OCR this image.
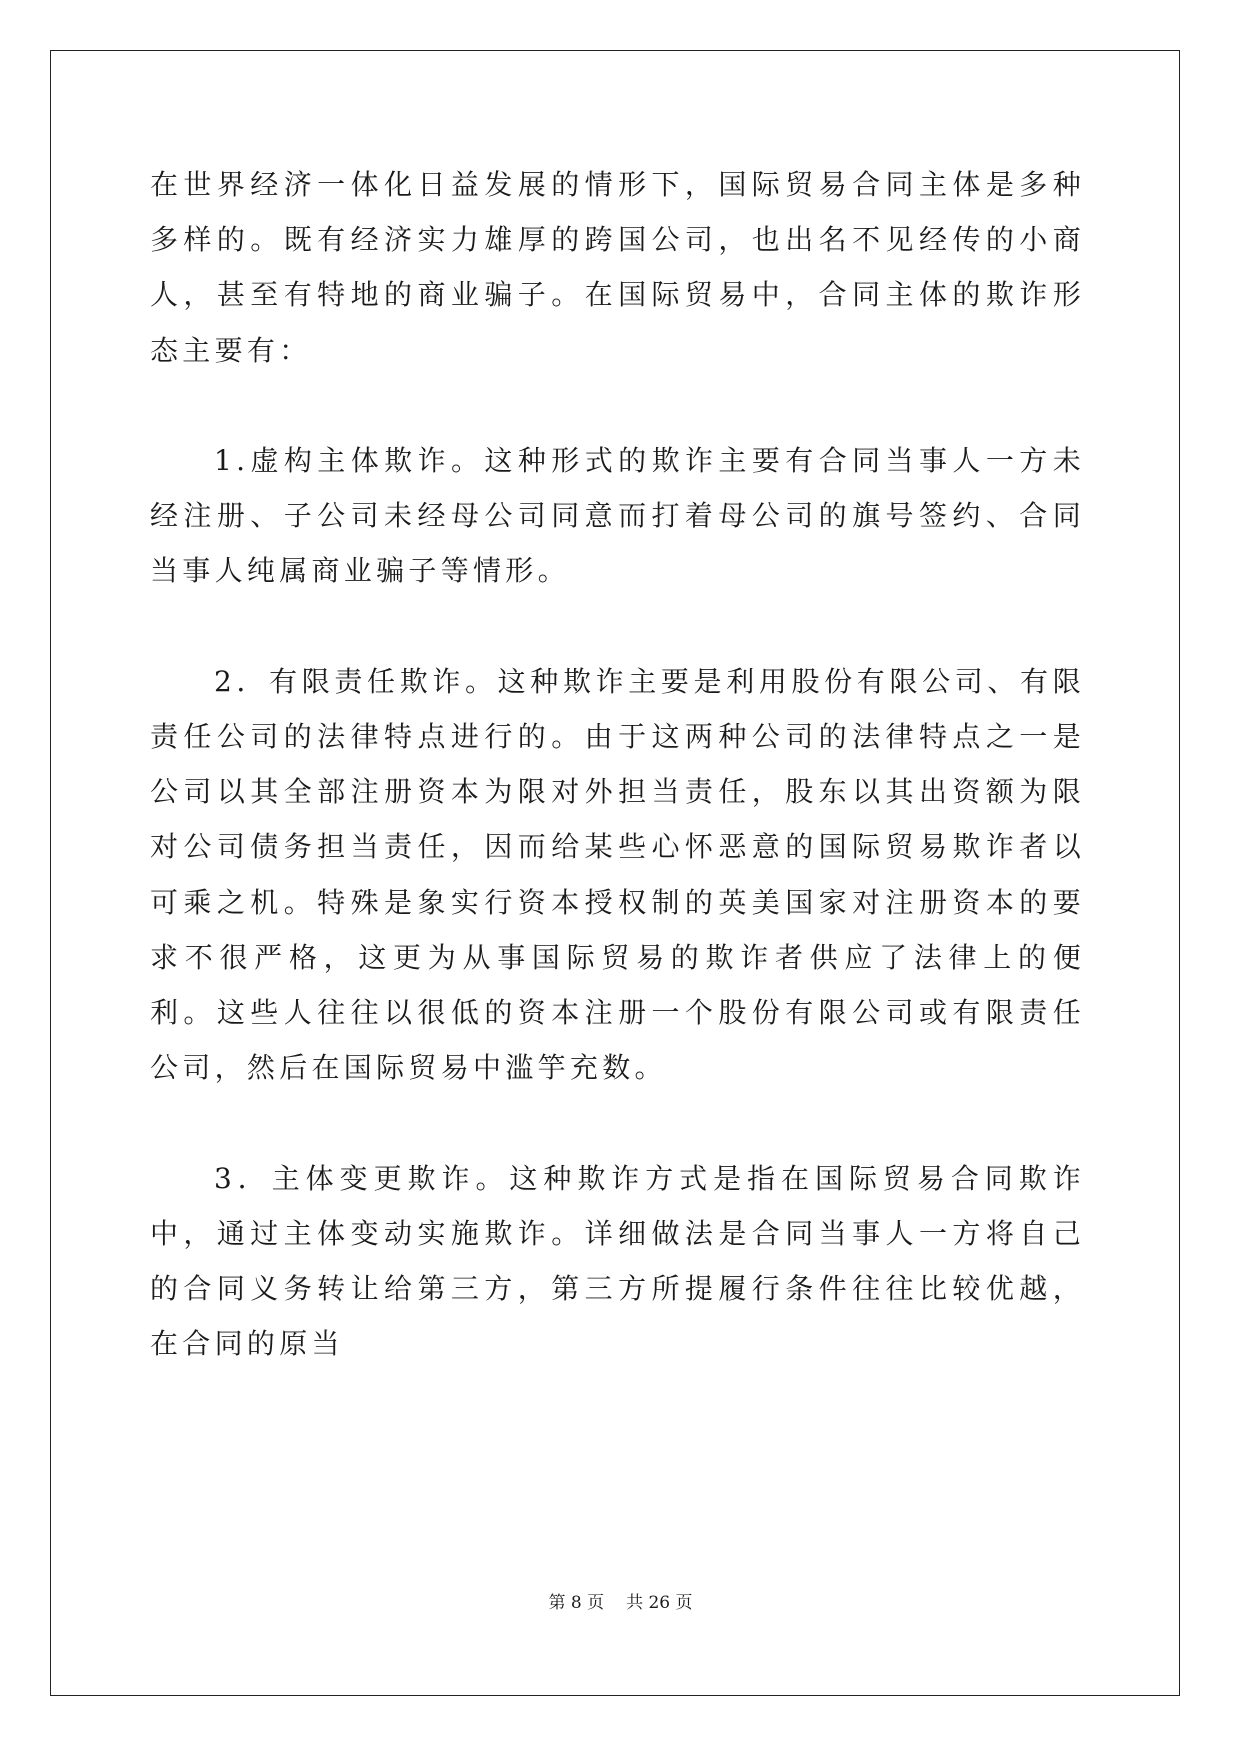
在世界经济一体化日益发展的情形下，国际贸易合同主体是多种多样的。既有经济实力雄厚的跨国公司，也出名不见经传的小商人，甚至有特地的商业骗子。在国际贸易中，合同主体的欺诈形态主要有：

1.虚构主体欺诈。这种形式的欺诈主要有合同当事人一方未经注册、子公司未经母公司同意而打着母公司的旗号签约、合同当事人纯属商业骗子等情形。

2．有限责任欺诈。这种欺诈主要是利用股份有限公司、有限责任公司的法律特点进行的。由于这两种公司的法律特点之一是公司以其全部注册资本为限对外担当责任，股东以其出资额为限对公司债务担当责任，因而给某些心怀恶意的国际贸易欺诈者以可乘之机。特殊是象实行资本授权制的英美国家对注册资本的要求不很严格，这更为从事国际贸易的欺诈者供应了法律上的便利。这些人往往以很低的资本注册一个股份有限公司或有限责任公司，然后在国际贸易中滥竽充数。

3．主体变更欺诈。这种欺诈方式是指在国际贸易合同欺诈中，通过主体变动实施欺诈。详细做法是合同当事人一方将自己的合同义务转让给第三方，第三方所提履行条件往往比较优越，在合同的原当

第 8 页 共 26 页
